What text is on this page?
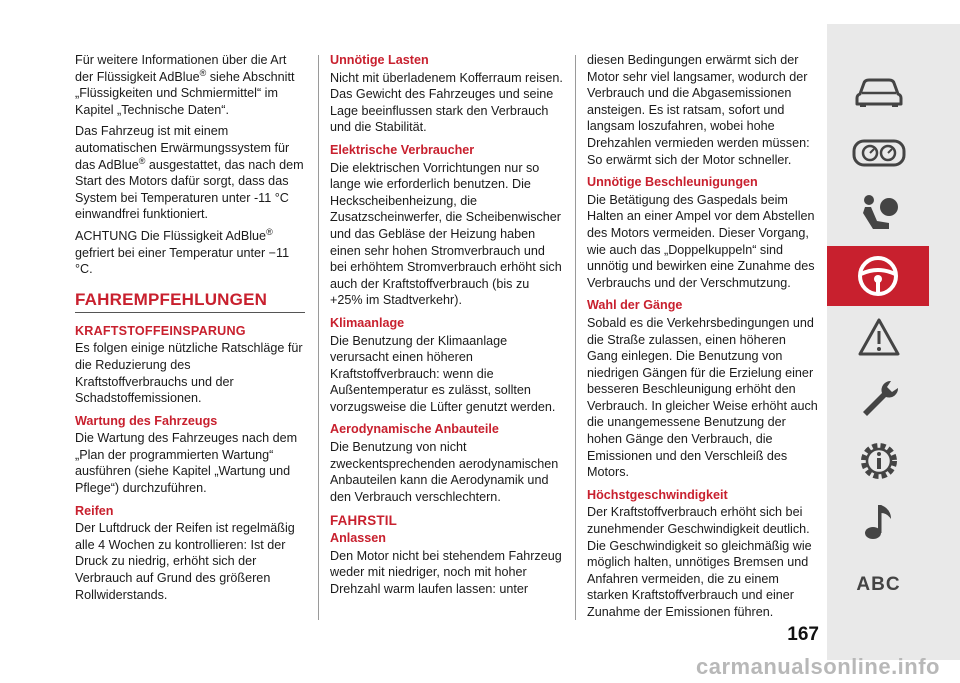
Für weitere Informationen über die Art der Flüssigkeit AdBlue® siehe Abschnitt „Flüssigkeiten und Schmiermittel“ im Kapitel „Technische Daten“.

Das Fahrzeug ist mit einem automatischen Erwärmungssystem für das AdBlue® ausgestattet, das nach dem Start des Motors dafür sorgt, dass das System bei Temperaturen unter -11 °C einwandfrei funktioniert.

ACHTUNG Die Flüssigkeit AdBlue® gefriert bei einer Temperatur unter −11 °C.

FAHREMPFEHLUNGEN
KRAFTSTOFFEINSPARUNG

Es folgen einige nützliche Ratschläge für die Reduzierung des Kraftstoffverbrauchs und der Schadstoffemissionen.

Wartung des Fahrzeugs

Die Wartung des Fahrzeuges nach dem „Plan der programmierten Wartung“ ausführen (siehe Kapitel „Wartung und Pflege“) durchzuführen.

Reifen

Der Luftdruck der Reifen ist regelmäßig alle 4 Wochen zu kontrollieren: Ist der Druck zu niedrig, erhöht sich der Verbrauch auf Grund des größeren Rollwiderstands.

Unnötige Lasten

Nicht mit überladenem Kofferraum reisen. Das Gewicht des Fahrzeuges und seine Lage beeinflussen stark den Verbrauch und die Stabilität.

Elektrische Verbraucher

Die elektrischen Vorrichtungen nur so lange wie erforderlich benutzen. Die Heckscheibenheizung, die Zusatzscheinwerfer, die Scheibenwischer und das Gebläse der Heizung haben einen sehr hohen Stromverbrauch und bei erhöhtem Stromverbrauch erhöht sich auch der Kraftstoffverbrauch (bis zu +25% im Stadtverkehr).

Klimaanlage

Die Benutzung der Klimaanlage verursacht einen höheren Kraftstoffverbrauch: wenn die Außentemperatur es zulässt, sollten vorzugsweise die Lüfter genutzt werden.

Aerodynamische Anbauteile

Die Benutzung von nicht zweckentsprechenden aerodynamischen Anbauteilen kann die Aerodynamik und den Verbrauch verschlechtern.

FAHRSTIL
Anlassen

Den Motor nicht bei stehendem Fahrzeug weder mit niedriger, noch mit hoher Drehzahl warm laufen lassen: unter

diesen Bedingungen erwärmt sich der Motor sehr viel langsamer, wodurch der Verbrauch und die Abgasemissionen ansteigen. Es ist ratsam, sofort und langsam loszufahren, wobei hohe Drehzahlen vermieden werden müssen: So erwärmt sich der Motor schneller.

Unnötige Beschleunigungen

Die Betätigung des Gaspedals beim Halten an einer Ampel vor dem Abstellen des Motors vermeiden. Dieser Vorgang, wie auch das „Doppelkuppeln“ sind unnötig und bewirken eine Zunahme des Verbrauchs und der Verschmutzung.

Wahl der Gänge

Sobald es die Verkehrsbedingungen und die Straße zulassen, einen höheren Gang einlegen. Die Benutzung von niedrigen Gängen für die Erzielung einer besseren Beschleunigung erhöht den Verbrauch. In gleicher Weise erhöht auch die unangemessene Benutzung der hohen Gänge den Verbrauch, die Emissionen und den Verschleiß des Motors.

Höchstgeschwindigkeit

Der Kraftstoffverbrauch erhöht sich bei zunehmender Geschwindigkeit deutlich. Die Geschwindigkeit so gleichmäßig wie möglich halten, unnötiges Bremsen und Anfahren vermeiden, die zu einem starken Kraftstoffverbrauch und einer Zunahme der Emissionen führen.

ABC
167
carmanualsonline.info
